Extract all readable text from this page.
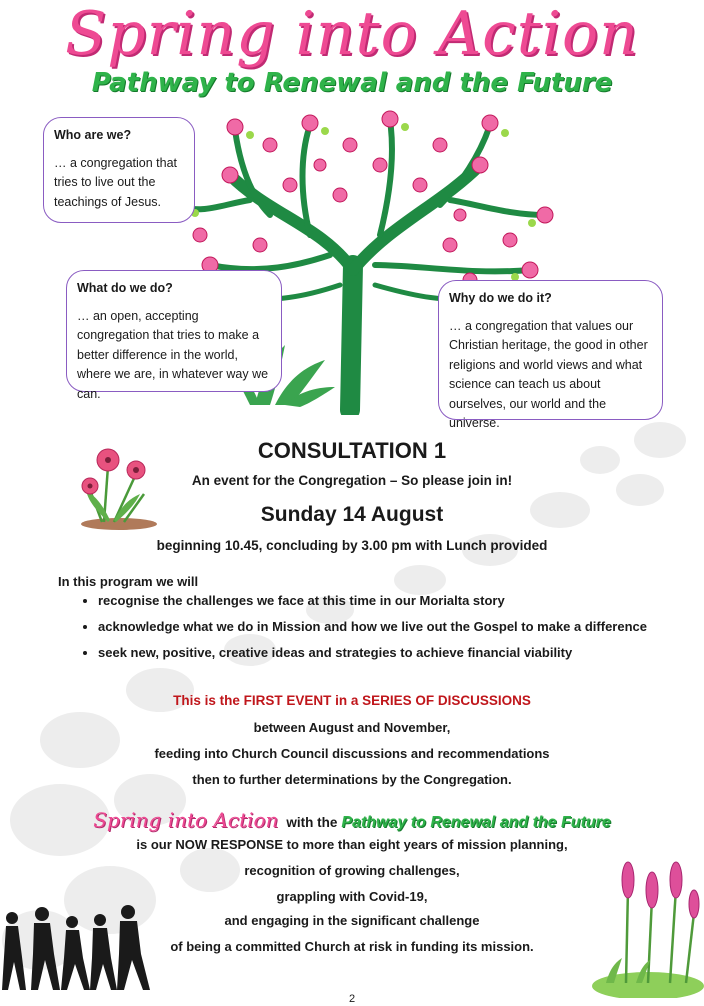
Spring into Action
Pathway to Renewal and the Future
Who are we?
… a congregation that tries to live out the teachings of Jesus.
What do we do?
… an open, accepting congregation that tries to make a better difference in the world, where we are, in whatever way we can.
Why do we do it?
… a congregation that values our Christian heritage, the good in other religions and world views and what science can teach us about ourselves, our world and the universe.
CONSULTATION 1
An event for the Congregation – So please join in!
Sunday 14 August
beginning 10.45, concluding by 3.00 pm with Lunch provided
In this program we will
• recognise the challenges we face at this time in our Morialta story
• acknowledge what we do in Mission and how we live out the Gospel to make a difference
• seek new, positive, creative ideas and strategies to achieve financial viability
This is the FIRST EVENT in a SERIES OF DISCUSSIONS
between August and November,
feeding into Church Council discussions and recommendations
then to further determinations by the Congregation.
Spring into Action with the Pathway to Renewal and the Future
is our NOW RESPONSE to more than eight years of mission planning,
recognition of growing challenges,
grappling with Covid-19,
and engaging in the significant challenge
of being a committed Church at risk in funding its mission.
2
